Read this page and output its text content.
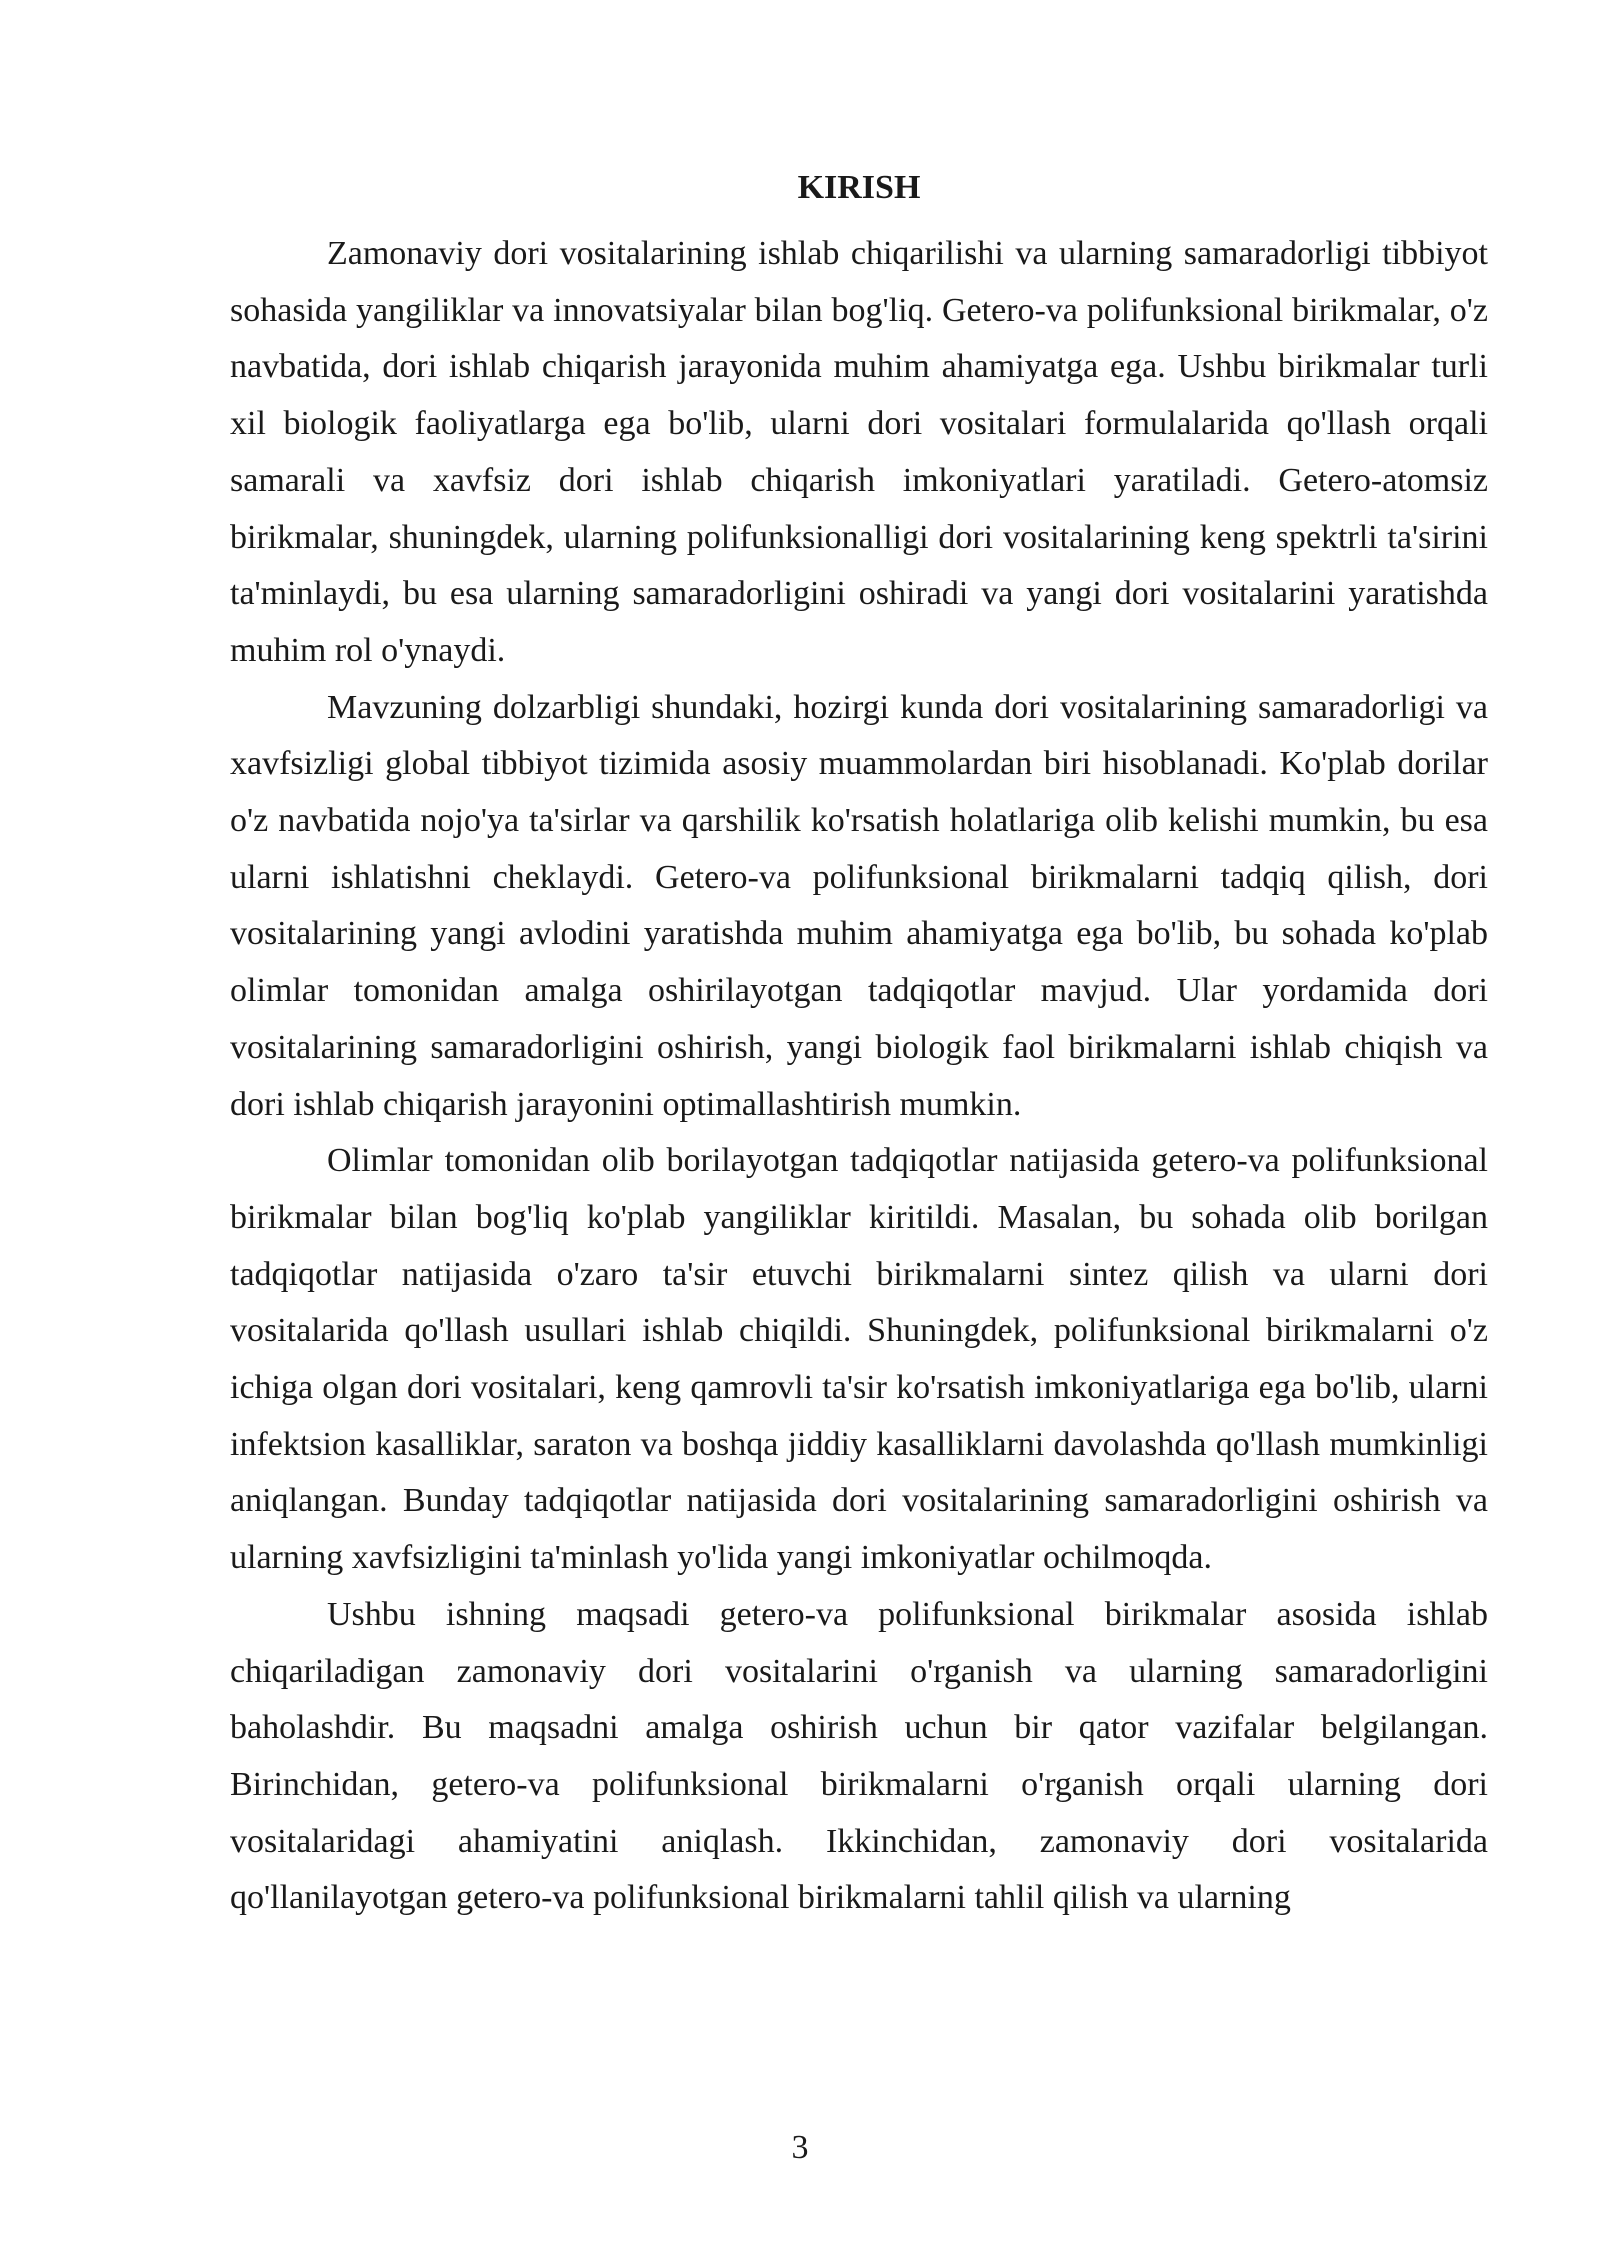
KIRISH

Zamonaviy dori vositalarining ishlab chiqarilishi va ularning samaradorligi tibbiyot sohasida yangiliklar va innovatsiyalar bilan bog'liq. Getero-va polifunksional birikmalar, o'z navbatida, dori ishlab chiqarish jarayonida muhim ahamiyatga ega. Ushbu birikmalar turli xil biologik faoliyatlarga ega bo'lib, ularni dori vositalari formulalarida qo'llash orqali samarali va xavfsiz dori ishlab chiqarish imkoniyatlari yaratiladi. Getero-atomsiz birikmalar, shuningdek, ularning polifunksionalligi dori vositalarining keng spektrli ta'sirini ta'minlaydi, bu esa ularning samaradorligini oshiradi va yangi dori vositalarini yaratishda muhim rol o'ynaydi.

Mavzuning dolzarbligi shundaki, hozirgi kunda dori vositalarining samaradorligi va xavfsizligi global tibbiyot tizimida asosiy muammolardan biri hisoblanadi. Ko'plab dorilar o'z navbatida nojo'ya ta'sirlar va qarshilik ko'rsatish holatlariga olib kelishi mumkin, bu esa ularni ishlatishni cheklaydi. Getero-va polifunksional birikmalarni tadqiq qilish, dori vositalarining yangi avlodini yaratishda muhim ahamiyatga ega bo'lib, bu sohada ko'plab olimlar tomonidan amalga oshirilayotgan tadqiqotlar mavjud. Ular yordamida dori vositalarining samaradorligini oshirish, yangi biologik faol birikmalarni ishlab chiqish va dori ishlab chiqarish jarayonini optimallashtirish mumkin.

Olimlar tomonidan olib borilayotgan tadqiqotlar natijasida getero-va polifunksional birikmalar bilan bog'liq ko'plab yangiliklar kiritildi. Masalan, bu sohada olib borilgan tadqiqotlar natijasida o'zaro ta'sir etuvchi birikmalarni sintez qilish va ularni dori vositalarida qo'llash usullari ishlab chiqildi. Shuningdek, polifunksional birikmalarni o'z ichiga olgan dori vositalari, keng qamrovli ta'sir ko'rsatish imkoniyatlariga ega bo'lib, ularni infektsion kasalliklar, saraton va boshqa jiddiy kasalliklarni davolashda qo'llash mumkinligi aniqlangan. Bunday tadqiqotlar natijasida dori vositalarining samaradorligini oshirish va ularning xavfsizligini ta'minlash yo'lida yangi imkoniyatlar ochilmoqda.

Ushbu ishning maqsadi getero-va polifunksional birikmalar asosida ishlab chiqariladigan zamonaviy dori vositalarini o'rganish va ularning samaradorligini baholashdir. Bu maqsadni amalga oshirish uchun bir qator vazifalar belgilangan. Birinchidan, getero-va polifunksional birikmalarni o'rganish orqali ularning dori vositalaridagi ahamiyatini aniqlash. Ikkinchidan, zamonaviy dori vositalarida qo'llanilayotgan getero-va polifunksional birikmalarni tahlil qilish va ularning

3
